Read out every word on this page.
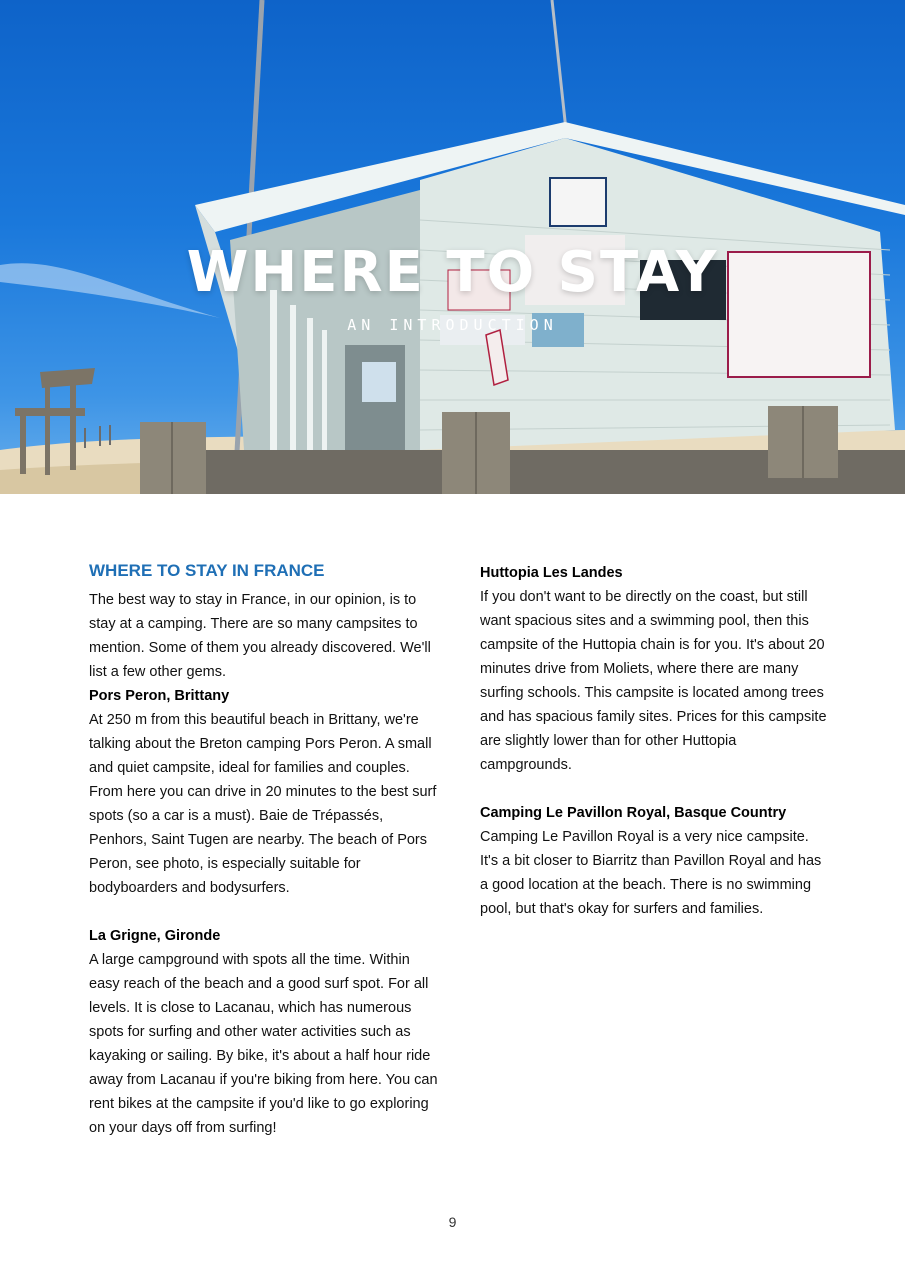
WHERE TO STAY
AN INTRODUCTION
WHERE TO STAY IN FRANCE

The best way to stay in France, in our opinion, is to stay at a camping. There are so many campsites to mention. Some of them you already discovered. We'll list a few other gems.

Pors Peron, Brittany

At 250 m from this beautiful beach in Brittany, we're talking about the Breton camping Pors Peron. A small and quiet campsite, ideal for families and couples. From here you can drive in 20 minutes to the best surf spots (so a car is a must). Baie de Trépassés, Penhors, Saint Tugen are nearby. The beach of Pors Peron, see photo, is especially suitable for bodyboarders and bodysurfers.

La Grigne, Gironde

A large campground with spots all the time. Within easy reach of the beach and a good surf spot. For all levels. It is close to Lacanau, which has numerous spots for surfing and other water activities such as kayaking or sailing. By bike, it's about a half hour ride away from Lacanau if you're biking from here. You can rent bikes at the campsite if you'd like to go exploring on your days off from surfing!

Huttopia Les Landes

If you don't want to be directly on the coast, but still want spacious sites and a swimming pool, then this campsite of the Huttopia chain is for you. It's about 20 minutes drive from Moliets, where there are many surfing schools. This campsite is located among trees and has spacious family sites. Prices for this campsite are slightly lower than for other Huttopia campgrounds.

Camping Le Pavillon Royal, Basque Country

Camping Le Pavillon Royal is a very nice campsite. It's a bit closer to Biarritz than Pavillon Royal and has a good location at the beach. There is no swimming pool, but that's okay for surfers and families.

9
